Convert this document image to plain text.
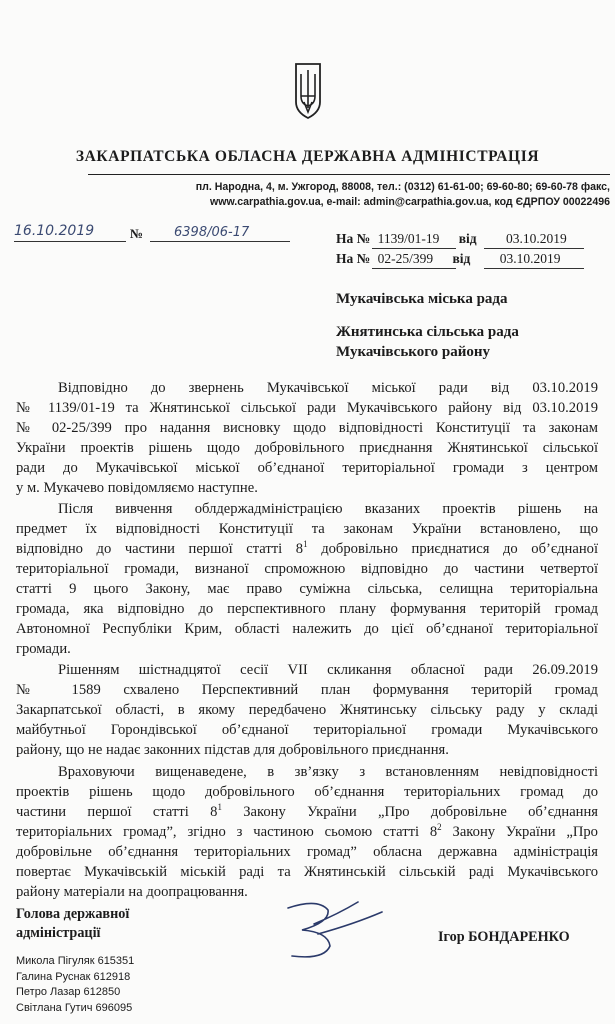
ЗАКАРПАТСЬКА ОБЛАСНА ДЕРЖАВНА АДМІНІСТРАЦІЯ
пл. Народна, 4, м. Ужгород, 88008, тел.: (0312) 61-61-00; 69-60-80; 69-60-78 факс,
www.carpathia.gov.ua, e-mail: admin@carpathia.gov.ua, код ЄДРПОУ 00022496
16.10.2019	№ 6398/06-17	На № 1139/01-19 від 03.10.2019
На № 02-25/399 від 03.10.2019
Мукачівська міська рада
Жнятинська сільська рада
Мукачівського району
Відповідно до звернень Мукачівської міської ради від 03.10.2019
№ 1139/01-19 та Жнятинської сільської ради Мукачівського району від 03.10.2019
№ 02-25/399 про надання висновку щодо відповідності Конституції та законам
України проектів рішень щодо добровільного приєднання Жнятинської сільської
ради до Мукачівської міської об’єднаної територіальної громади з центром
у м. Мукачево повідомляємо наступне.
Після вивчення облдержадміністрацією вказаних проектів рішень на
предмет їх відповідності Конституції та законам України встановлено, що
відповідно до частини першої статті $8^1$ добровільно приєднатися до об’єднаної
територіальної громади, визнаної спроможною відповідно до частини четвертої
статті 9 цього Закону, має право суміжна сільська, селищна територіальна
громада, яка відповідно до перспективного плану формування територій громад
Автономної Республіки Крим, області належить до цієї об’єднаної територіальної
громади.
Рішенням шістнадцятої сесії VII скликання обласної ради 26.09.2019
№ 1589 схвалено Перспективний план формування територій громад
Закарпатської області, в якому передбачено Жнятинську сільську раду у складі
майбутньої Горондівської об’єднаної територіальної громади Мукачівського
району, що не надає законних підстав для добровільного приєднання.
Враховуючи вищенаведене, в зв’язку з встановленням невідповідності
проектів рішень щодо добровільного об’єднання територіальних громад до
частини першої статті $8^1$ Закону України „Про добровільне об’єднання
територіальних громад”, згідно з частиною сьомою статті $8^2$ Закону України „Про
добровільне об’єднання територіальних громад” обласна державна адміністрація
повертає Мукачівській міській раді та Жнятинській сільській раді Мукачівського
району матеріали на доопрацювання.
Голова державної
адміністрації	Ігор БОНДАРЕНКО
Микола Пігуляк 615351
Галина Руснак 612918
Петро Лазар 612850
Світлана Гутич 696095
